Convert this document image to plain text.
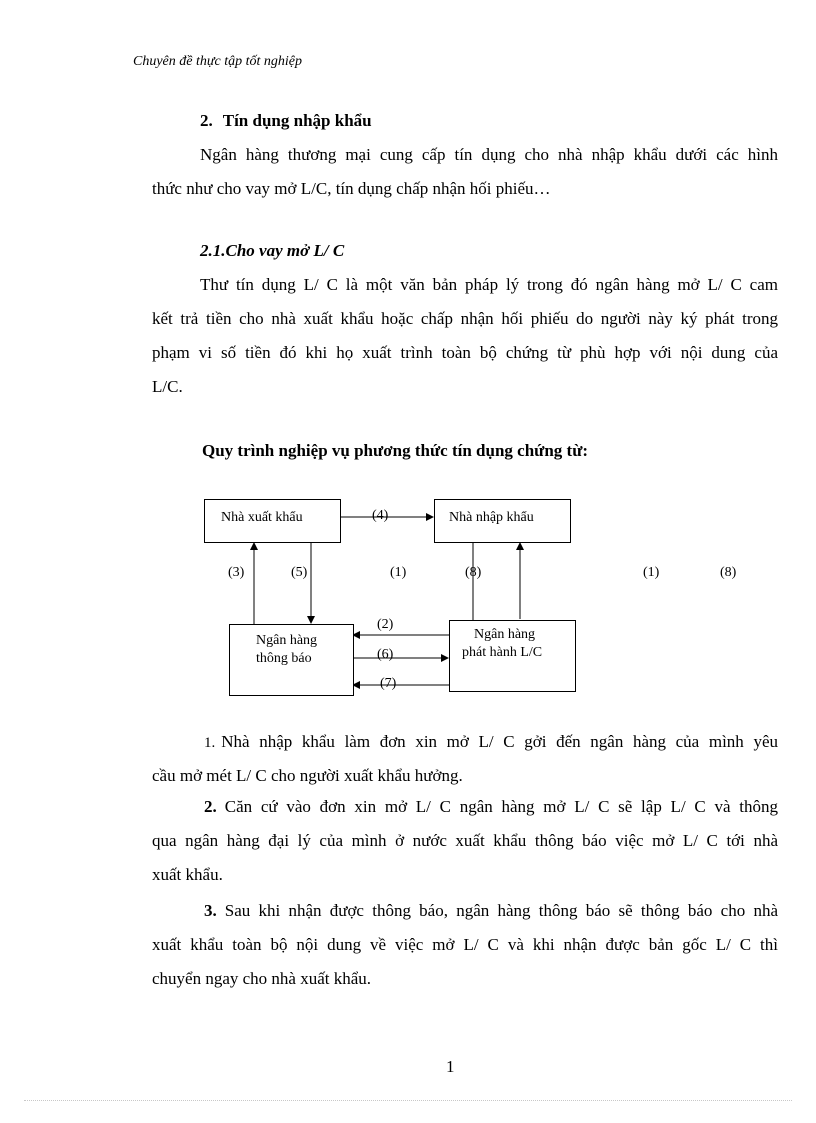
Chuyên đề thực tập tốt nghiệp
2. Tín dụng nhập khẩu
Ngân hàng thương mại cung cấp tín dụng cho nhà nhập khẩu dưới các hình
thức như cho vay mở L/C, tín dụng chấp nhận hối phiếu…
2.1.Cho vay mở L/ C
Thư tín dụng L/ C là một văn bản pháp lý trong đó ngân hàng mở L/ C cam
kết trả tiền cho nhà xuất khẩu hoặc chấp nhận hối phiếu do người này ký phát trong
phạm vi số tiền đó khi họ xuất trình toàn bộ chứng từ phù hợp với nội dung của
L/C.
Quy trình nghiệp vụ phương thức tín dụng chứng từ:
Nhà xuất khẩu	Nhà nhập khẩu
Ngân hàng
thông báo
Ngân hàng
phát hành L/C
(4)
(3)	(5)	(1)	(8)	(1)	(8)
(2)
(6)
(7)
1. Nhà nhập khẩu làm đơn xin mở L/ C gởi đến ngân hàng của mình yêu
cầu mở mét L/ C cho người xuất khẩu hưởng.
2. Căn cứ vào đơn xin mở L/ C ngân hàng mở L/ C sẽ lập L/ C và thông
qua ngân hàng đại lý của mình ở nước xuất khẩu thông báo việc mở L/ C tới nhà
xuất khẩu.
3. Sau khi nhận được thông báo, ngân hàng thông báo sẽ thông báo cho nhà
xuất khẩu toàn bộ nội dung về việc mở L/ C và khi nhận được bản gốc L/ C thì
chuyển ngay cho nhà xuất khẩu.
1
